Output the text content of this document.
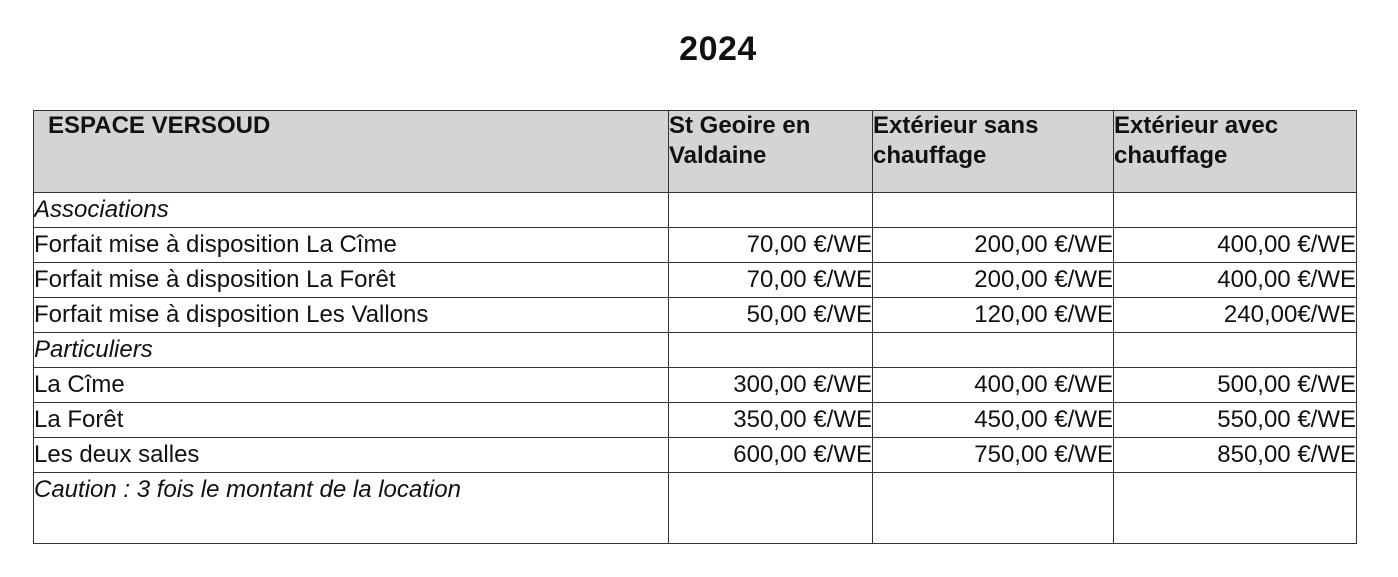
2024
ESPACE VERSOUD	St Geoire en Valdaine	Extérieur sans chauffage	Extérieur avec chauffage
Associations			
Forfait mise à disposition La Cîme	70,00 €/WE	200,00 €/WE	400,00 €/WE
Forfait mise à disposition La Forêt	70,00 €/WE	200,00 €/WE	400,00 €/WE
Forfait mise à disposition Les Vallons	50,00 €/WE	120,00 €/WE	240,00€/WE
Particuliers			
La Cîme	300,00 €/WE	400,00 €/WE	500,00 €/WE
La Forêt	350,00 €/WE	450,00 €/WE	550,00 €/WE
Les deux salles	600,00 €/WE	750,00 €/WE	850,00 €/WE
Caution : 3 fois le montant de la location			
